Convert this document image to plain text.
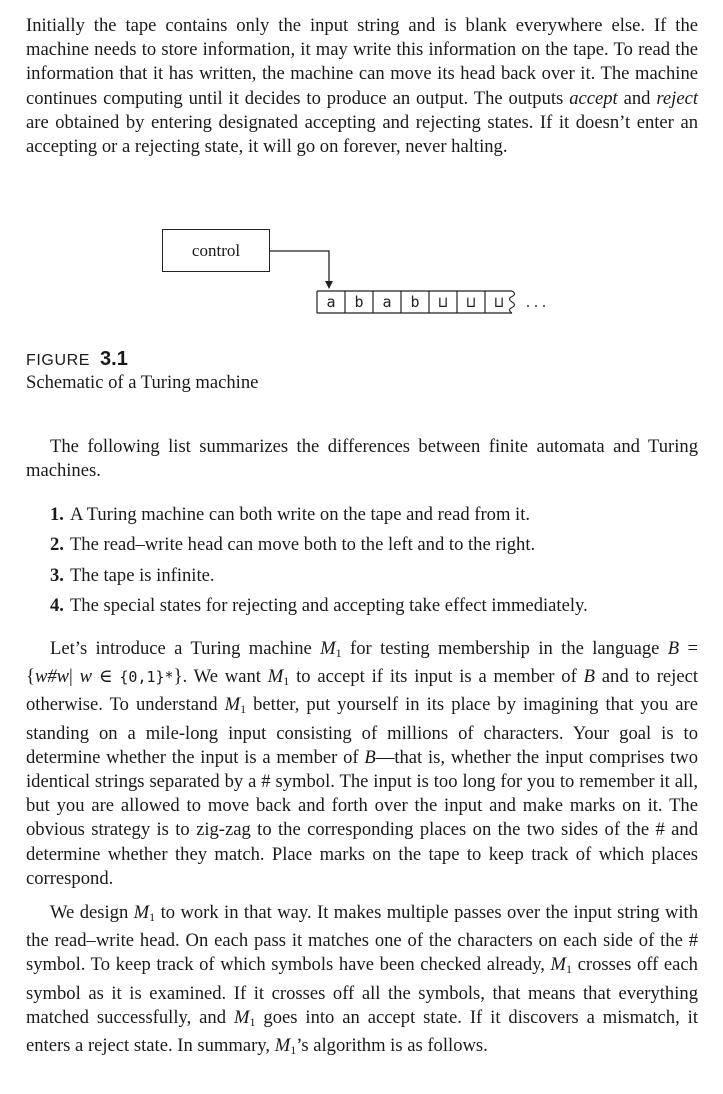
Initially the tape contains only the input string and is blank everywhere else. If the machine needs to store information, it may write this information on the tape. To read the information that it has written, the machine can move its head back over it. The machine continues computing until it decides to produce an output. The outputs accept and reject are obtained by entering designated accepting and rejecting states. If it doesn’t enter an accepting or a rejecting state, it will go on forever, never halting.

control
a b a b ⊔ ⊔ ⊔ . . .
FIGURE 3.1
Schematic of a Turing machine

The following list summarizes the differences between finite automata and Turing machines.

1. A Turing machine can both write on the tape and read from it.
2. The read–write head can move both to the left and to the right.
3. The tape is infinite.
4. The special states for rejecting and accepting take effect immediately.

Let’s introduce a Turing machine $M_1$ for testing membership in the language B = {w#w| w ∈ {0,1}*}. We want $M_1$ to accept if its input is a member of B and to reject otherwise. To understand $M_1$ better, put yourself in its place by imagining that you are standing on a mile-long input consisting of millions of characters. Your goal is to determine whether the input is a member of B—that is, whether the input comprises two identical strings separated by a # symbol. The input is too long for you to remember it all, but you are allowed to move back and forth over the input and make marks on it. The obvious strategy is to zig-zag to the corresponding places on the two sides of the # and determine whether they match. Place marks on the tape to keep track of which places correspond.

We design $M_1$ to work in that way. It makes multiple passes over the input string with the read–write head. On each pass it matches one of the characters on each side of the # symbol. To keep track of which symbols have been checked already, $M_1$ crosses off each symbol as it is examined. If it crosses off all the symbols, that means that everything matched successfully, and $M_1$ goes into an accept state. If it discovers a mismatch, it enters a reject state. In summary, $M_1’s$ algorithm is as follows.
